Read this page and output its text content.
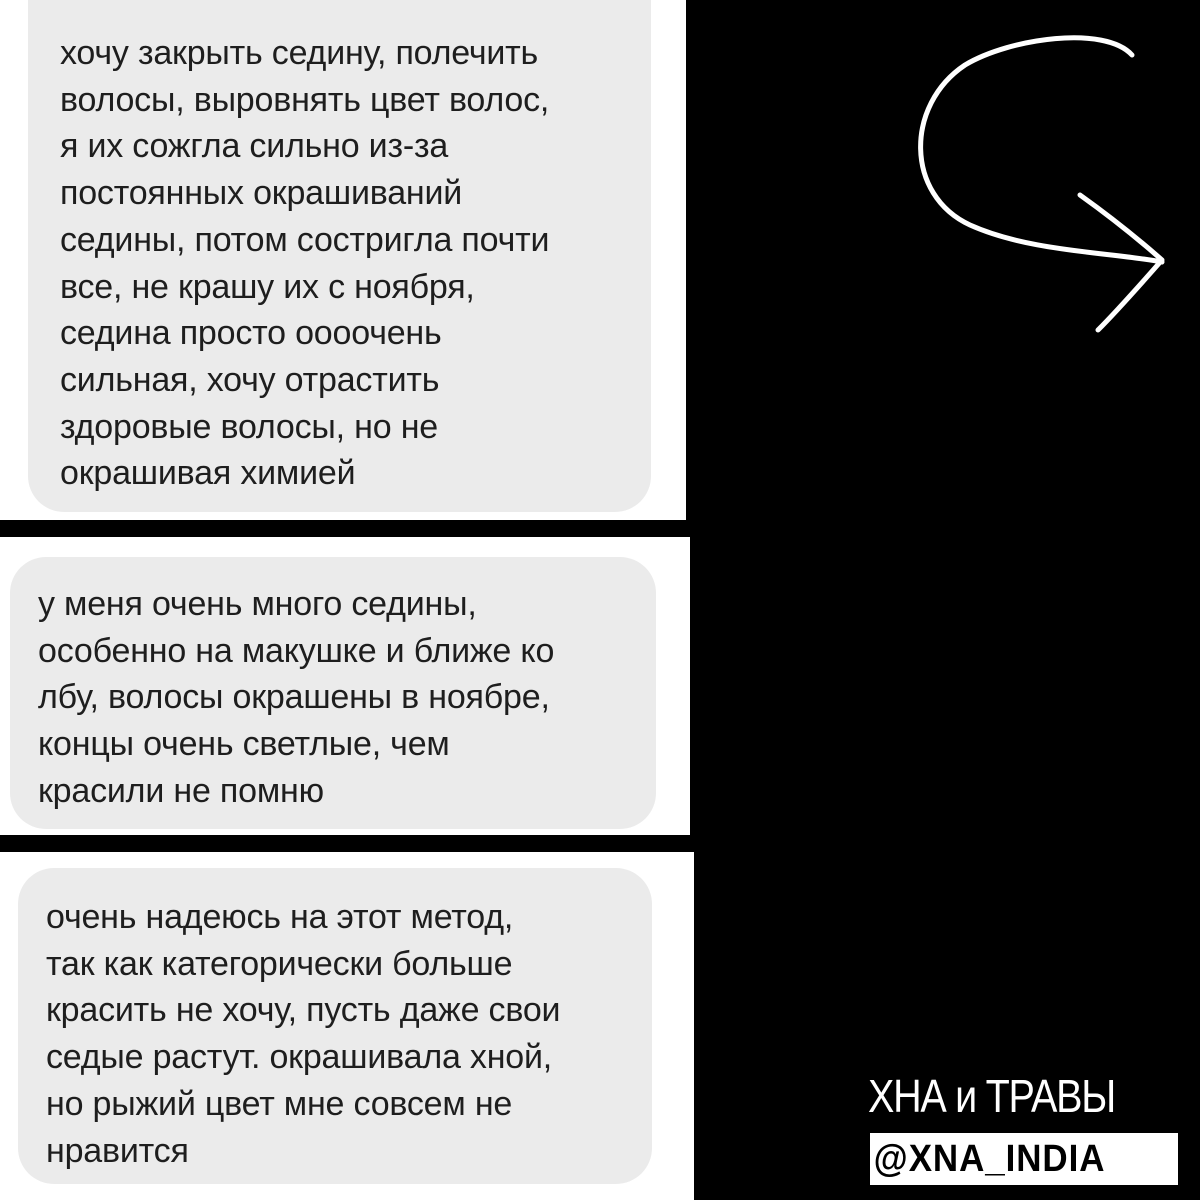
хочу закрыть седину, полечить
волосы, выровнять цвет волос,
я их сожгла сильно из-за
постоянных окрашиваний
седины, потом состригла почти
все, не крашу их с ноября,
седина просто оооочень
сильная, хочу отрастить
здоровые волосы, но не
окрашивая химией
у меня очень много седины,
особенно на макушке и ближе ко
лбу, волосы окрашены в ноябре,
концы очень светлые, чем
красили не помню
очень надеюсь на этот метод,
так как категорически больше
красить не хочу, пусть даже свои
седые растут. окрашивала хной,
но рыжий цвет мне совсем не
нравится
ХНА и ТРАВЫ
@XNA_INDIA
